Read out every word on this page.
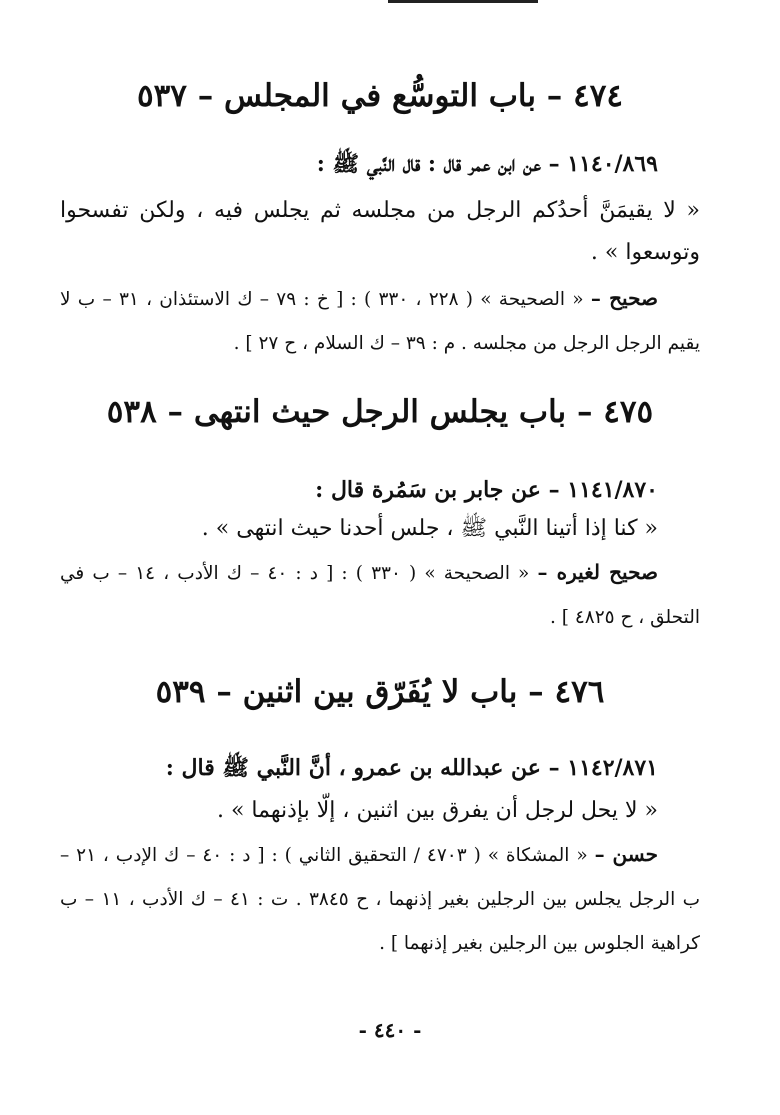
٤٧٤ – باب التوسُّع في المجلس – ٥٣٧
١١٤٠/٨٦٩ – عن ابن عمر قال : قال النَّبي ﷺ :
« لا يقيمَنَّ أحدُكم الرجل من مجلسه ثم يجلس فيه ، ولكن تفسحوا وتوسعوا » .
صحيح – « الصحيحة » ( ٢٢٨ ، ٣٣٠ ) : [ خ : ٧٩ – ك الاستئذان ، ٣١ – ب لا يقيم الرجل الرجل من مجلسه . م : ٣٩ – ك السلام ، ح ٢٧ ] .
٤٧٥ – باب يجلس الرجل حيث انتهى – ٥٣٨
١١٤١/٨٧٠ – عن جابر بن سَمُرة قال :
« كنا إذا أتينا النَّبي ﷺ ، جلس أحدنا حيث انتهى » .
صحيح لغيره – « الصحيحة » ( ٣٣٠ ) : [ د : ٤٠ – ك الأدب ، ١٤ – ب في التحلق ، ح ٤٨٢٥ ] .
٤٧٦ – باب لا يُفَرّق بين اثنين – ٥٣٩
١١٤٢/٨٧١ – عن عبدالله بن عمرو ، أنَّ النَّبي ﷺ قال :
« لا يحل لرجل أن يفرق بين اثنين ، إلّا بإذنهما » .
حسن – « المشكاة » ( ٤٧٠٣ / التحقيق الثاني ) : [ د : ٤٠ – ك الإدب ، ٢١ – ب الرجل يجلس بين الرجلين بغير إذنهما ، ح ٣٨٤٥ . ت : ٤١ – ك الأدب ، ١١ – ب كراهية الجلوس بين الرجلين بغير إذنهما ] .
- ٤٤٠ -
